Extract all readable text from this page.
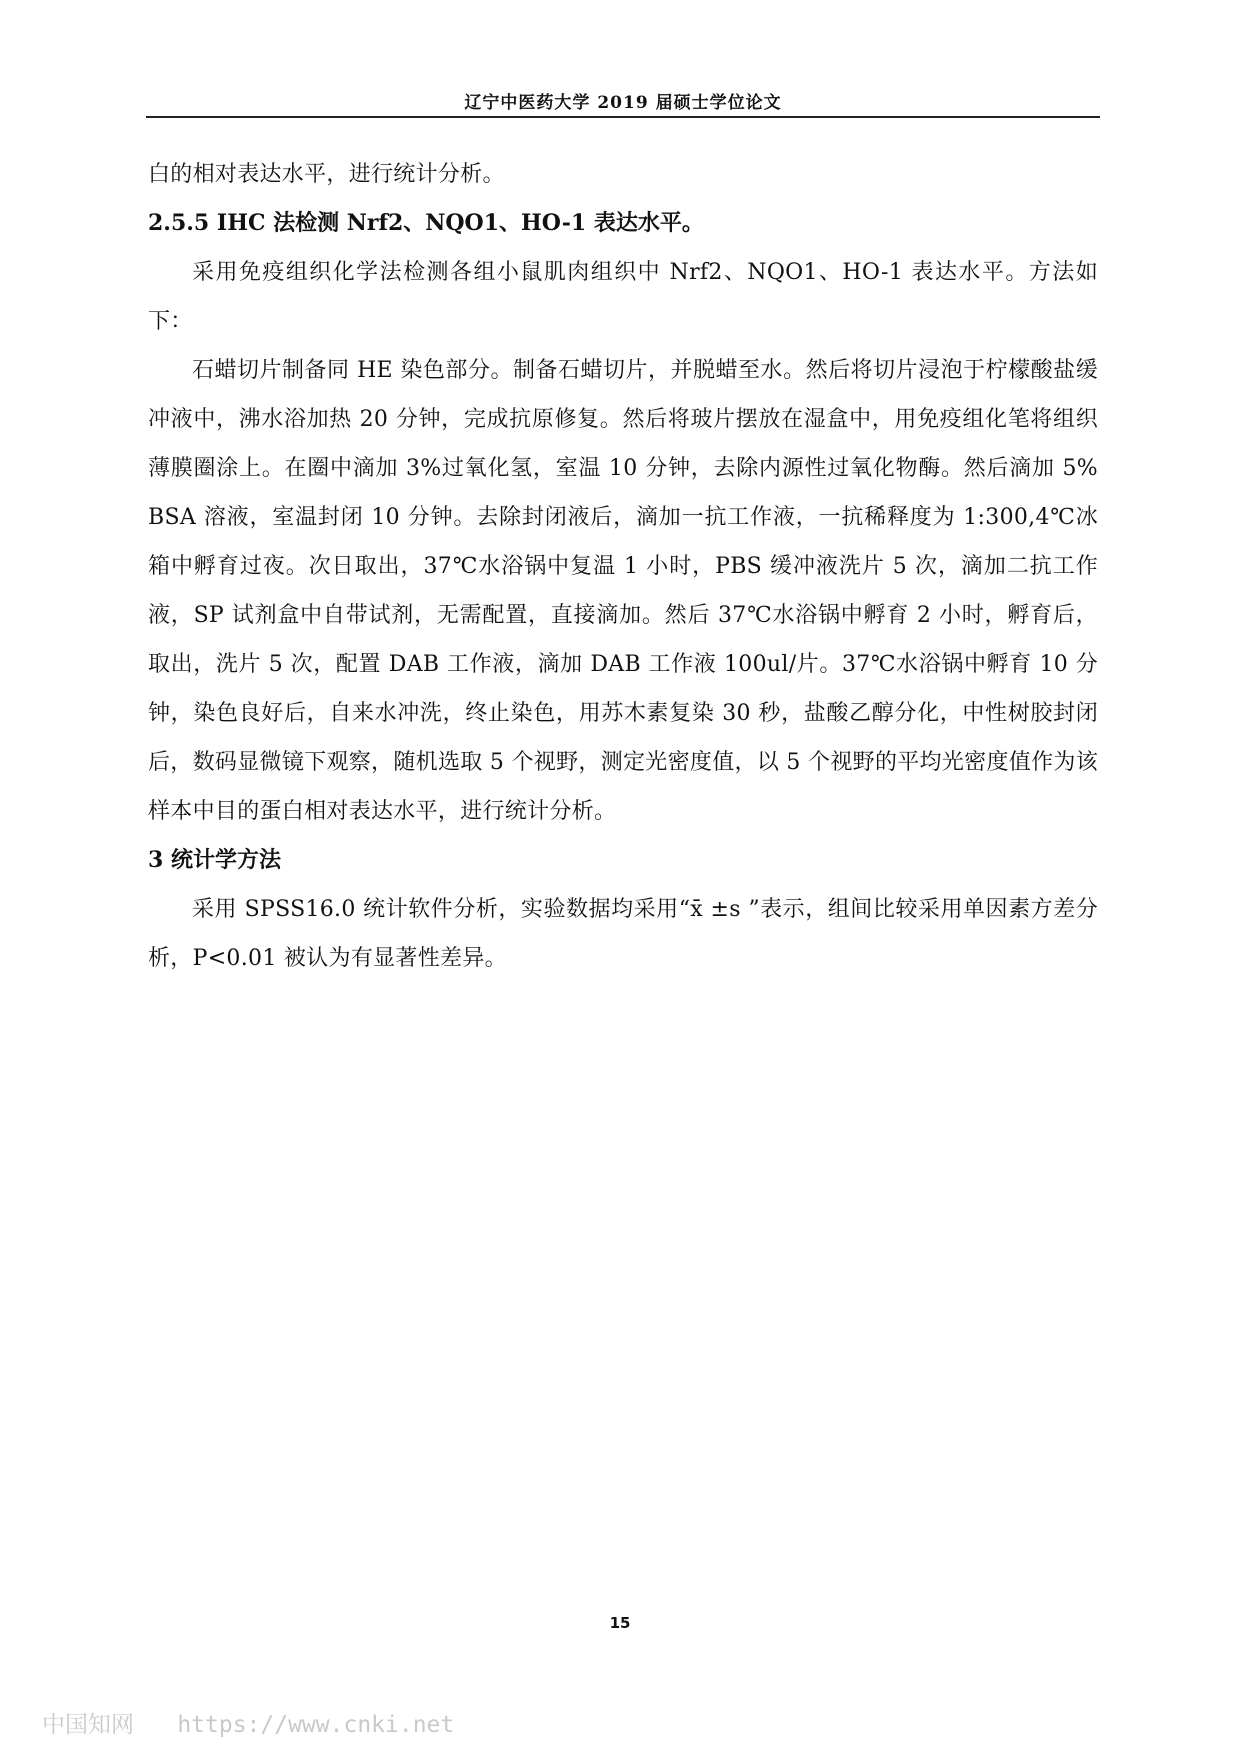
辽宁中医药大学 2019 届硕士学位论文

白的相对表达水平，进行统计分析。

2.5.5 IHC 法检测 Nrf2、NQO1、HO-1 表达水平。

采用免疫组织化学法检测各组小鼠肌肉组织中 Nrf2、NQO1、HO-1 表达水平。方法如下：

石蜡切片制备同 HE 染色部分。制备石蜡切片，并脱蜡至水。然后将切片浸泡于柠檬酸盐缓冲液中，沸水浴加热 20 分钟，完成抗原修复。然后将玻片摆放在湿盒中，用免疫组化笔将组织薄膜圈涂上。在圈中滴加 3%过氧化氢，室温 10 分钟，去除内源性过氧化物酶。然后滴加 5% BSA 溶液，室温封闭 10 分钟。去除封闭液后，滴加一抗工作液，一抗稀释度为 1:300,4℃冰箱中孵育过夜。次日取出，37℃水浴锅中复温 1 小时，PBS 缓冲液洗片 5 次，滴加二抗工作液，SP 试剂盒中自带试剂，无需配置，直接滴加。然后 37℃水浴锅中孵育 2 小时，孵育后，取出，洗片 5 次，配置 DAB 工作液，滴加 DAB 工作液 100ul/片。37℃水浴锅中孵育 10 分钟，染色良好后，自来水冲洗，终止染色，用苏木素复染 30 秒，盐酸乙醇分化，中性树胶封闭后，数码显微镜下观察，随机选取 5 个视野，测定光密度值，以 5 个视野的平均光密度值作为该样本中目的蛋白相对表达水平，进行统计分析。

3 统计学方法

采用 SPSS16.0 统计软件分析，实验数据均采用“x̄ ±s ”表示，组间比较采用单因素方差分析，P<0.01 被认为有显著性差异。

15
中国知网 https://www.cnki.net
